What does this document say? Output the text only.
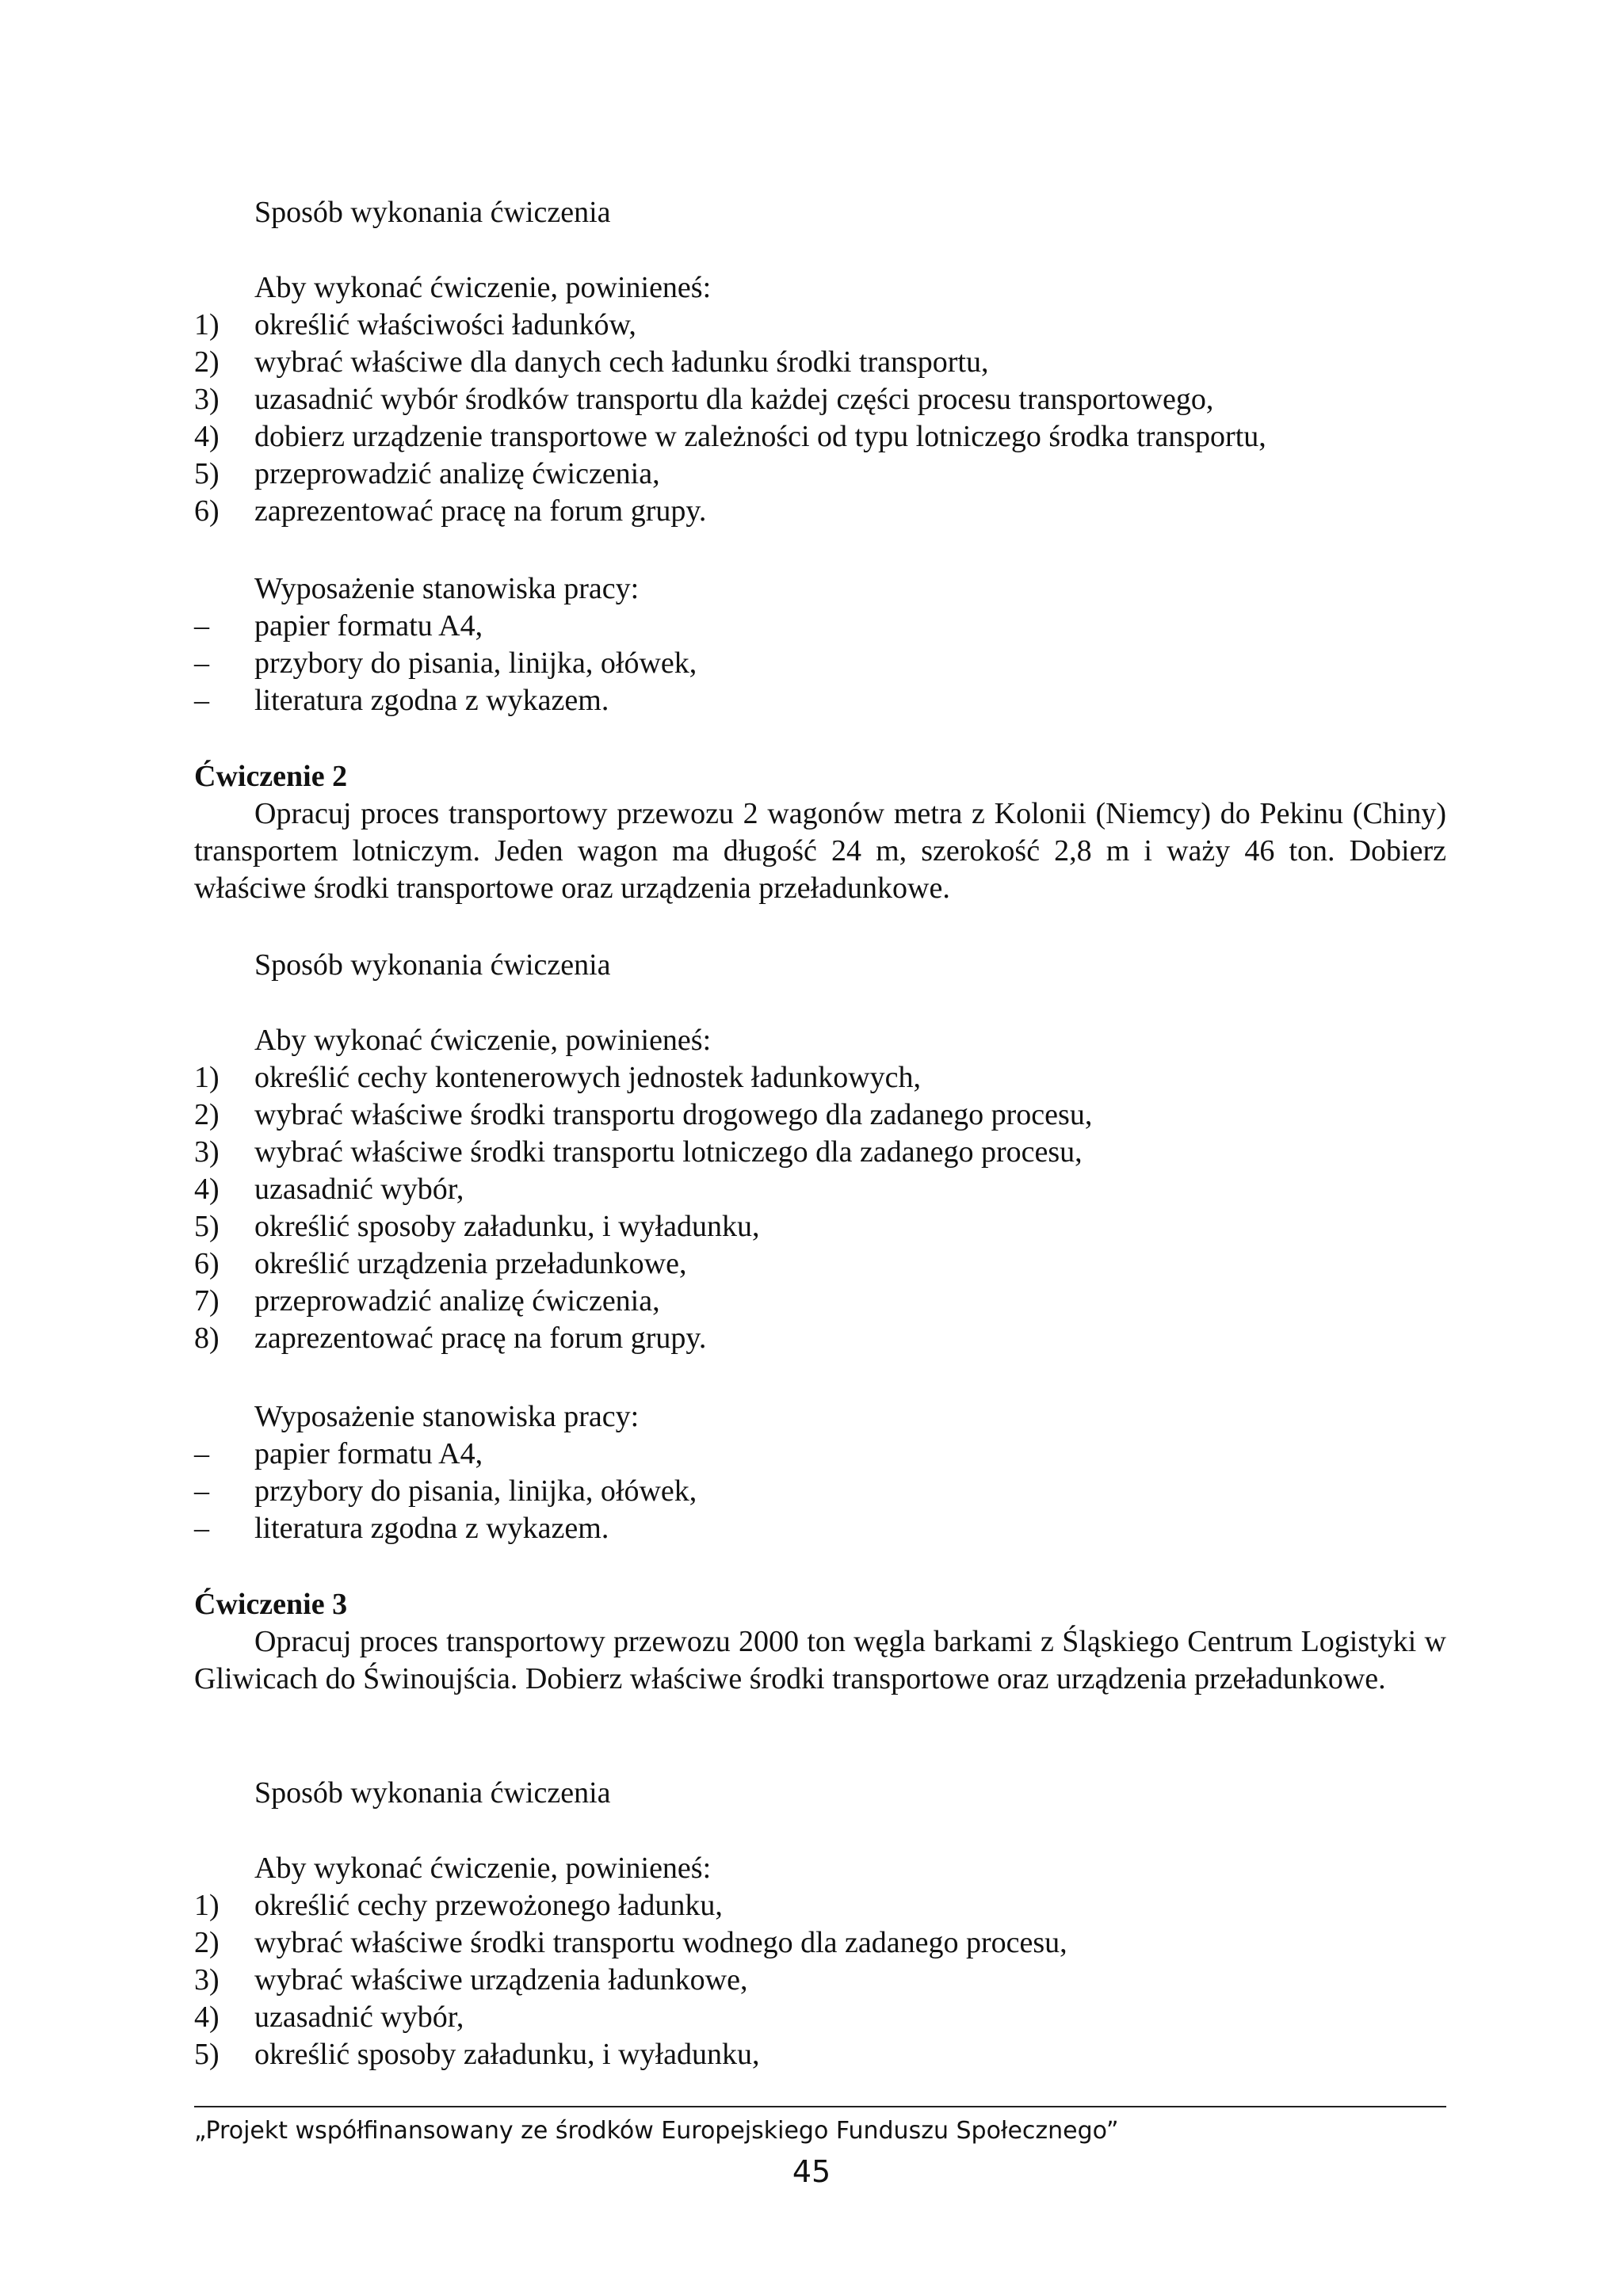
Sposób wykonania ćwiczenia
Aby wykonać ćwiczenie, powinieneś:
1) określić właściwości ładunków,
2) wybrać właściwe dla danych cech ładunku środki transportu,
3) uzasadnić wybór środków transportu dla każdej części procesu transportowego,
4) dobierz urządzenie transportowe w zależności od typu lotniczego środka transportu,
5) przeprowadzić analizę ćwiczenia,
6) zaprezentować pracę na forum grupy.
Wyposażenie stanowiska pracy:
– papier formatu A4,
– przybory do pisania, linijka, ołówek,
– literatura zgodna z wykazem.
Ćwiczenie 2

Opracuj proces transportowy przewozu 2 wagonów metra z Kolonii (Niemcy) do Pekinu (Chiny) transportem lotniczym. Jeden wagon ma długość 24 m, szerokość 2,8 m i waży 46 ton. Dobierz właściwe środki transportowe oraz urządzenia przeładunkowe.

Sposób wykonania ćwiczenia
Aby wykonać ćwiczenie, powinieneś:
1) określić cechy kontenerowych jednostek ładunkowych,
2) wybrać właściwe środki transportu drogowego dla zadanego procesu,
3) wybrać właściwe środki transportu lotniczego dla zadanego procesu,
4) uzasadnić wybór,
5) określić sposoby załadunku, i wyładunku,
6) określić urządzenia przeładunkowe,
7) przeprowadzić analizę ćwiczenia,
8) zaprezentować pracę na forum grupy.
Wyposażenie stanowiska pracy:
– papier formatu A4,
– przybory do pisania, linijka, ołówek,
– literatura zgodna z wykazem.
Ćwiczenie 3

Opracuj proces transportowy przewozu 2000 ton węgla barkami z Śląskiego Centrum Logistyki w Gliwicach do Świnoujścia. Dobierz właściwe środki transportowe oraz urządzenia przeładunkowe.

Sposób wykonania ćwiczenia
Aby wykonać ćwiczenie, powinieneś:
1) określić cechy przewożonego ładunku,
2) wybrać właściwe środki transportu wodnego dla zadanego procesu,
3) wybrać właściwe urządzenia ładunkowe,
4) uzasadnić wybór,
5) określić sposoby załadunku, i wyładunku,
„Projekt współfinansowany ze środków Europejskiego Funduszu Społecznego”
45
